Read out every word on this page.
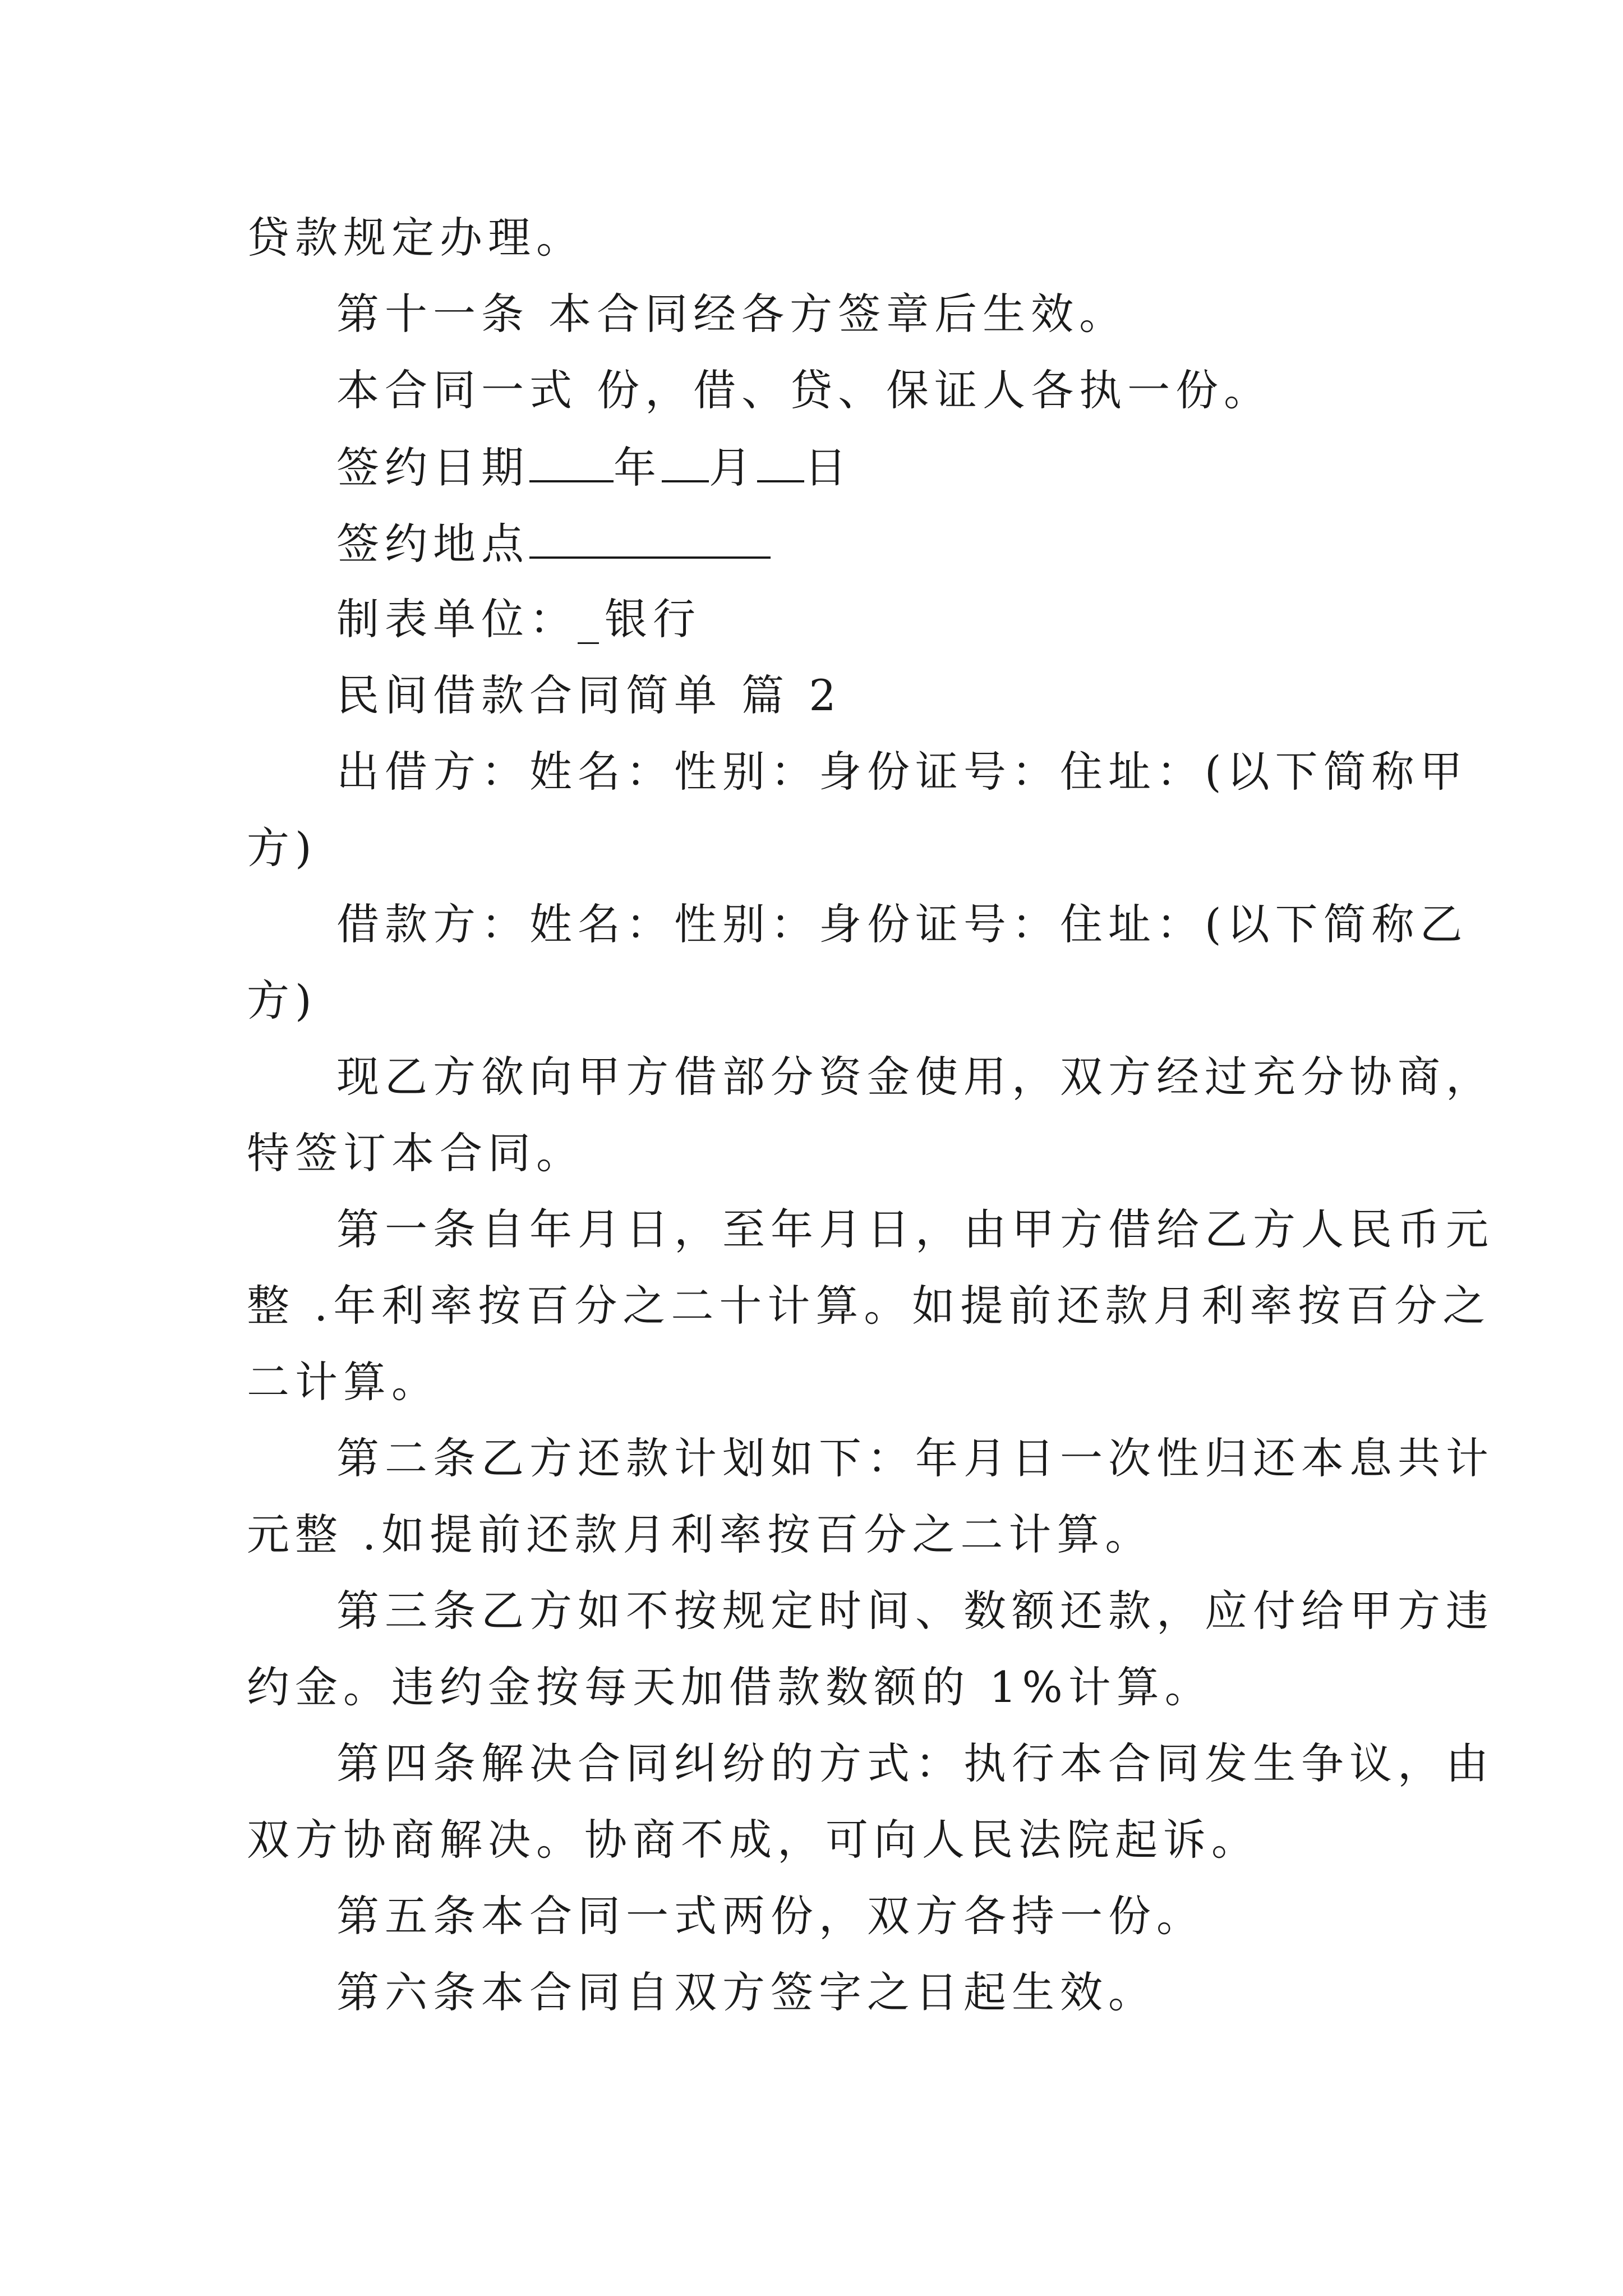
贷款规定办理。
第十一条 本合同经各方签章后生效。
本合同一式 份，借、贷、保证人各执一份。
签约日期 年 月 日
签约地点
制表单位：_银行
民间借款合同简单 篇 2
出借方：姓名：性别：身份证号：住址：(以下简称甲
方)
借款方：姓名：性别：身份证号：住址：(以下简称乙
方)
现乙方欲向甲方借部分资金使用，双方经过充分协商，
特签订本合同。
第一条自年月日，至年月日，由甲方借给乙方人民币元
整 .年利率按百分之二十计算。如提前还款月利率按百分之
二计算。
第二条乙方还款计划如下：年月日一次性归还本息共计
元整 .如提前还款月利率按百分之二计算。
第三条乙方如不按规定时间、数额还款，应付给甲方违
约金。违约金按每天加借款数额的 1%计算。
第四条解决合同纠纷的方式：执行本合同发生争议，由
双方协商解决。协商不成，可向人民法院起诉。
第五条本合同一式两份，双方各持一份。
第六条本合同自双方签字之日起生效。
